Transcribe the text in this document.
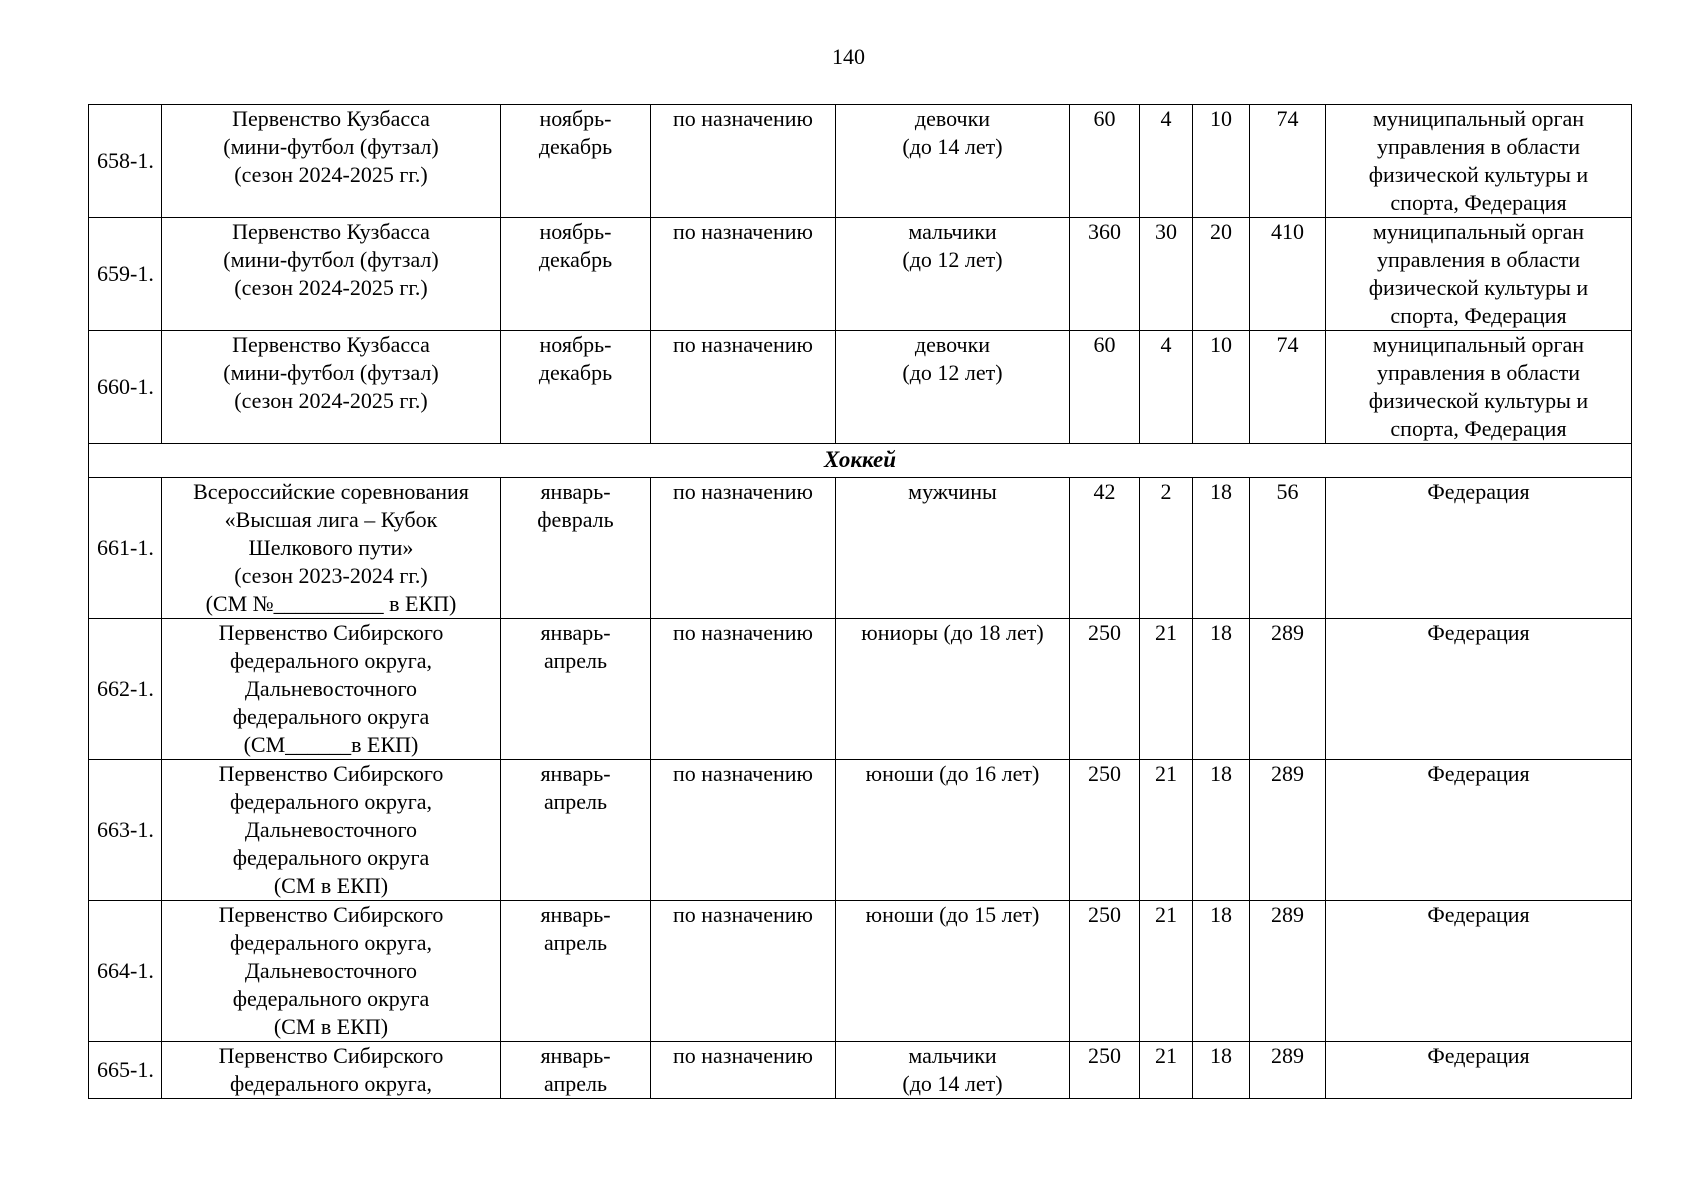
140
658-1.	Первенство Кузбасса
(мини-футбол (футзал)
(сезон 2024-2025 гг.)	ноябрь-
декабрь	по назначению	девочки
(до 14 лет)	60	4	10	74	муниципальный орган
управления в области
физической культуры и
спорта, Федерация

659-1.	Первенство Кузбасса
(мини-футбол (футзал)
(сезон 2024-2025 гг.)	ноябрь-
декабрь	по назначению	мальчики
(до 12 лет)	360	30	20	410	муниципальный орган
управления в области
физической культуры и
спорта, Федерация

660-1.	Первенство Кузбасса
(мини-футбол (футзал)
(сезон 2024-2025 гг.)	ноябрь-
декабрь	по назначению	девочки
(до 12 лет)	60	4	10	74	муниципальный орган
управления в области
физической культуры и
спорта, Федерация

Хоккей									
661-1.	Всероссийские соревнования
«Высшая лига – Кубок
Шелкового пути»
(сезон 2023-2024 гг.)
(СМ №__________ в ЕКП)	январь-
февраль	по назначению	мужчины	42	2	18	56	Федерация

662-1.	Первенство Сибирского
федерального округа,
Дальневосточного
федерального округа
(СМ______в ЕКП)	январь-
апрель	по назначению	юниоры (до 18 лет)	250	21	18	289	Федерация

663-1.	Первенство Сибирского
федерального округа,
Дальневосточного
федерального округа
(СМ в ЕКП)	январь-
апрель	по назначению	юноши (до 16 лет)	250	21	18	289	Федерация

664-1.	Первенство Сибирского
федерального округа,
Дальневосточного
федерального округа
(СМ в ЕКП)	январь-
апрель	по назначению	юноши (до 15 лет)	250	21	18	289	Федерация

665-1.	Первенство Сибирского
федерального округа,	январь-
апрель	по назначению	мальчики
(до 14 лет)	250	21	18	289	Федерация
